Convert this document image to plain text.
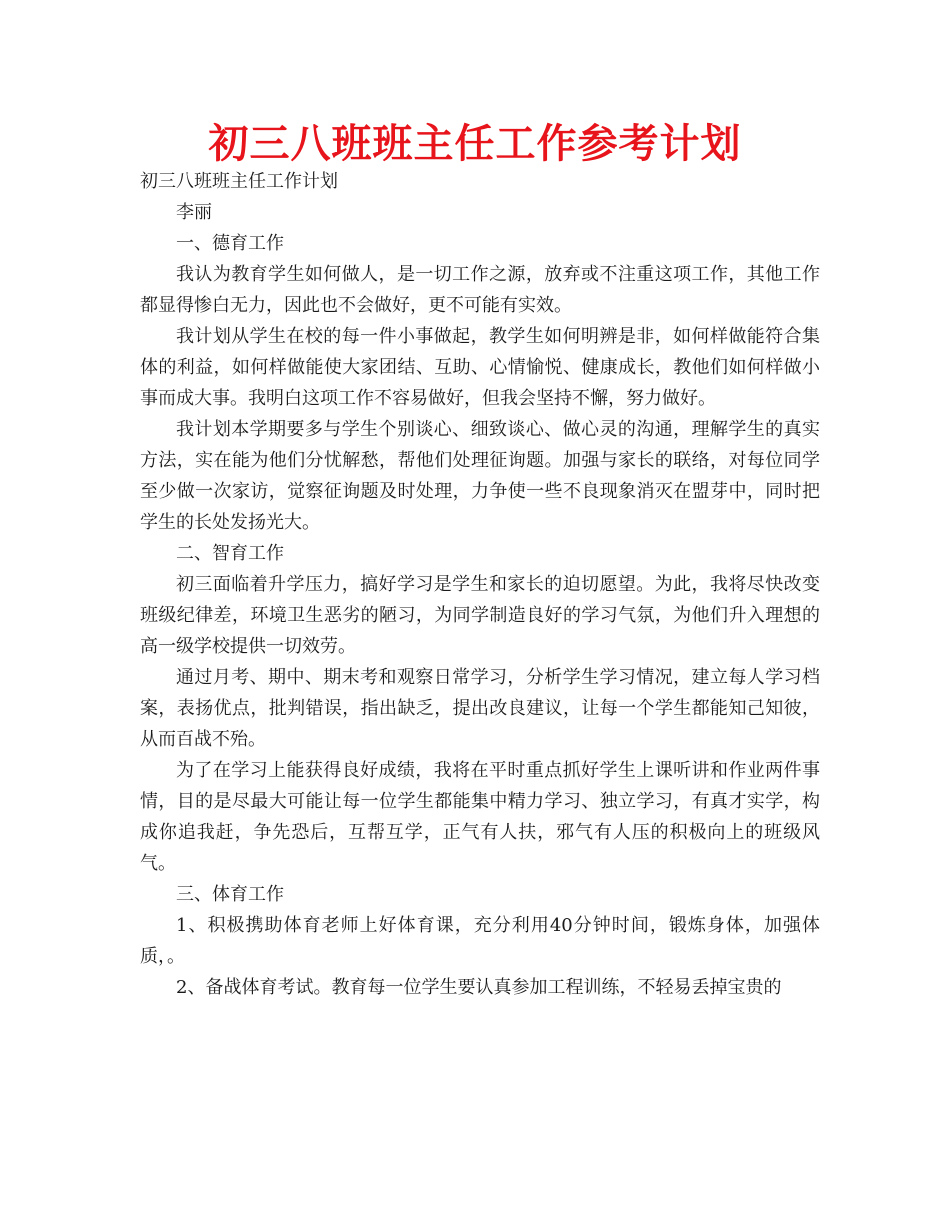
初三八班班主任工作参考计划

初三八班班主任工作计划

李丽

一、德育工作

我认为教育学生如何做人，是一切工作之源，放弃或不注重这项工作，其他工作都显得惨白无力，因此也不会做好，更不可能有实效。

我计划从学生在校的每一件小事做起，教学生如何明辨是非，如何样做能符合集体的利益，如何样做能使大家团结、互助、心情愉悦、健康成长，教他们如何样做小事而成大事。我明白这项工作不容易做好，但我会坚持不懈，努力做好。

我计划本学期要多与学生个别谈心、细致谈心、做心灵的沟通，理解学生的真实方法，实在能为他们分忧解愁，帮他们处理征询题。加强与家长的联络，对每位同学至少做一次家访，觉察征询题及时处理，力争使一些不良现象消灭在盟芽中，同时把学生的长处发扬光大。

二、智育工作

初三面临着升学压力，搞好学习是学生和家长的迫切愿望。为此，我将尽快改变班级纪律差，环境卫生恶劣的陋习，为同学制造良好的学习气氛，为他们升入理想的高一级学校提供一切效劳。

通过月考、期中、期末考和观察日常学习，分析学生学习情况，建立每人学习档案，表扬优点，批判错误，指出缺乏，提出改良建议，让每一个学生都能知己知彼，从而百战不殆。

为了在学习上能获得良好成绩，我将在平时重点抓好学生上课听讲和作业两件事情，目的是尽最大可能让每一位学生都能集中精力学习、独立学习，有真才实学，构成你追我赶，争先恐后，互帮互学，正气有人扶，邪气有人压的积极向上的班级风气。

三、体育工作

1、积极携助体育老师上好体育课，充分利用40分钟时间，锻炼身体，加强体质，。

2、备战体育考试。教育每一位学生要认真参加工程训练，不轻易丢掉宝贵的
